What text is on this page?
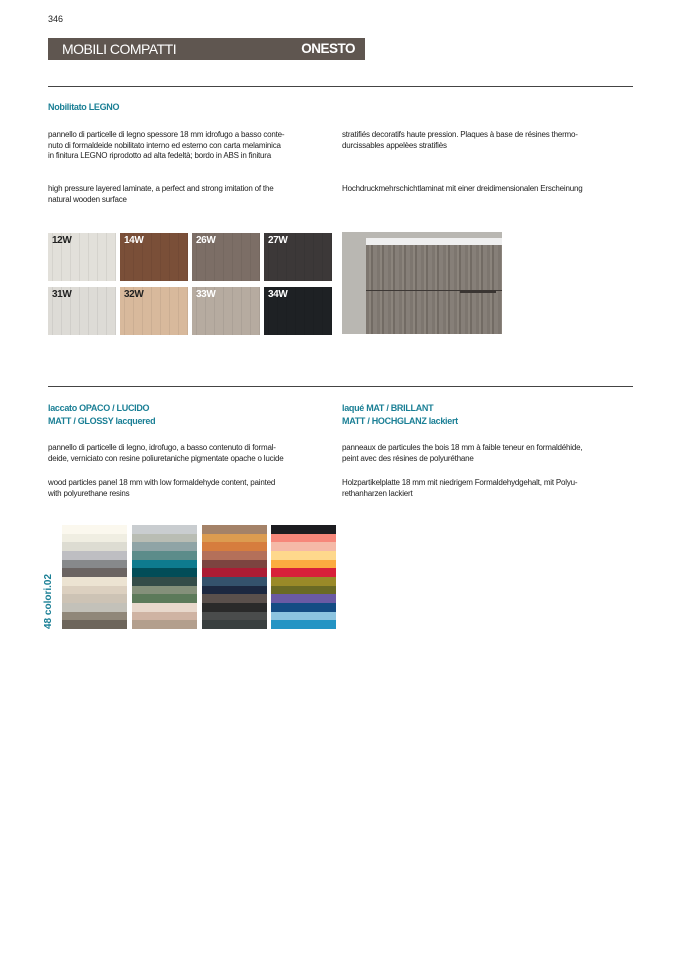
346
MOBILI COMPATTI	ONESTO
Nobilitato LEGNO
pannello di particelle di legno spessore 18 mm idrofugo a basso conte-
nuto di formaldeide nobilitato interno ed esterno con carta melaminica
in finitura LEGNO riprodotto ad alta fedeltà; bordo in ABS in finitura
high pressure layered laminate, a perfect and strong imitation of the
natural wooden surface
stratifiés decoratifs haute pression. Plaques à base de résines thermo-
durcissables appelèes stratifiès
Hochdruckmehrschichtlaminat mit einer dreidimensionalen Erscheinung
12W	14W	26W	27W
31W	32W	33W	34W
laccato OPACO / LUCIDO
MATT / GLOSSY lacquered
laqué MAT / BRILLANT
MATT / HOCHGLANZ lackiert
pannello di particelle di legno, idrofugo, a basso contenuto di formal-
deide, verniciato con resine poliuretaniche pigmentate opache o lucide
wood particles panel 18 mm with low formaldehyde content, painted
with polyurethane resins
panneaux de particules the bois 18 mm à faible teneur en formaldéhide,
peint avec des résines de polyuréthane
Holzpartikelplatte 18 mm mit niedrigem Formaldehydgehalt, mit Polyu-
rethanharzen lackiert
48 colori.02
